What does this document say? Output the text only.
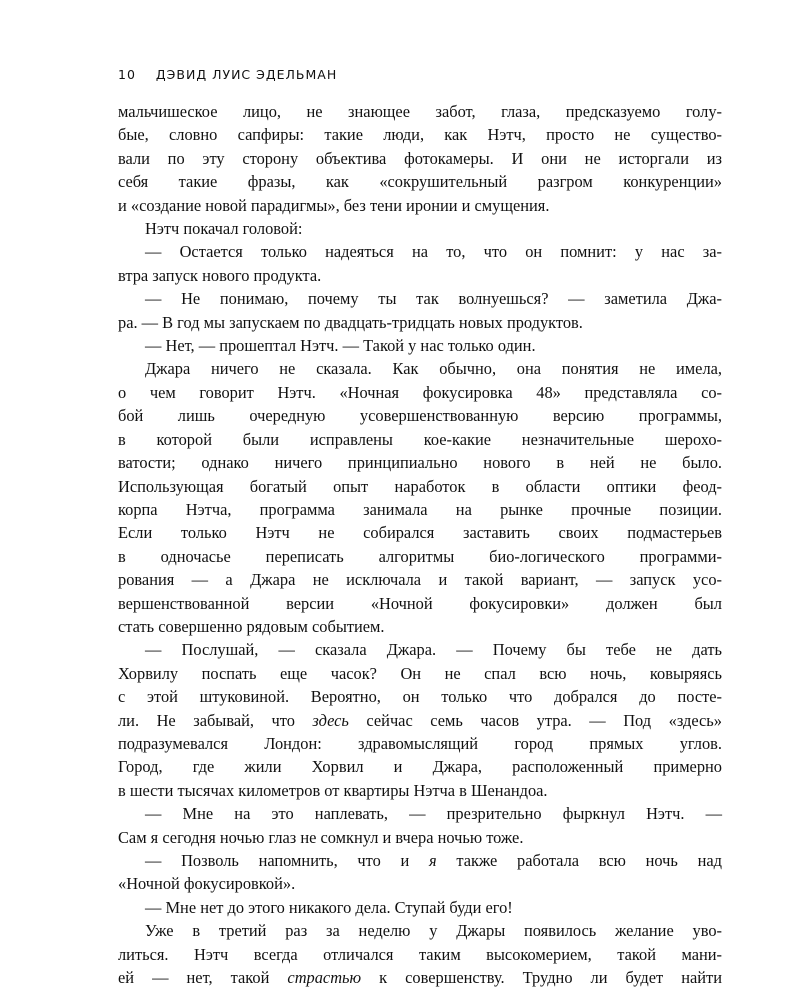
10 ДЭВИД ЛУИС ЭДЕЛЬМАН

мальчишеское лицо, не знающее забот, глаза, предсказуемо голу-

бые, словно сапфиры: такие люди, как Нэтч, просто не существо-

вали по эту сторону объектива фотокамеры. И они не исторгали из

себя такие фразы, как «сокрушительный разгром конкуренции»

и «создание новой парадигмы», без тени иронии и смущения.

Нэтч покачал головой:

— Остается только надеяться на то, что он помнит: у нас за-

втра запуск нового продукта.

— Не понимаю, почему ты так волнуешься? — заметила Джа-

ра. — В год мы запускаем по двадцать-тридцать новых продуктов.

— Нет, — прошептал Нэтч. — Такой у нас только один.

Джара ничего не сказала. Как обычно, она понятия не имела,

о чем говорит Нэтч. «Ночная фокусировка 48» представляла со-

бой лишь очередную усовершенствованную версию программы,

в которой были исправлены кое-какие незначительные шерохо-

ватости; однако ничего принципиально нового в ней не было.

Использующая богатый опыт наработок в области оптики феод-

корпа Нэтча, программа занимала на рынке прочные позиции.

Если только Нэтч не собирался заставить своих подмастерьев

в одночасье переписать алгоритмы био-логического программи-

рования — а Джара не исключала и такой вариант, — запуск усо-

вершенствованной версии «Ночной фокусировки» должен был

стать совершенно рядовым событием.

— Послушай, — сказала Джара. — Почему бы тебе не дать

Хорвилу поспать еще часок? Он не спал всю ночь, ковыряясь

с этой штуковиной. Вероятно, он только что добрался до посте-

ли. Не забывай, что здесь сейчас семь часов утра. — Под «здесь»

подразумевался Лондон: здравомыслящий город прямых углов.

Город, где жили Хорвил и Джара, расположенный примерно

в шести тысячах километров от квартиры Нэтча в Шенандоа.

— Мне на это наплевать, — презрительно фыркнул Нэтч. —

Сам я сегодня ночью глаз не сомкнул и вчера ночью тоже.

— Позволь напомнить, что и я также работала всю ночь над

«Ночной фокусировкой».

— Мне нет до этого никакого дела. Ступай буди его!

Уже в третий раз за неделю у Джары появилось желание уво-

литься. Нэтч всегда отличался таким высокомерием, такой мани-

ей — нет, такой страстью к совершенству. Трудно ли будет найти
